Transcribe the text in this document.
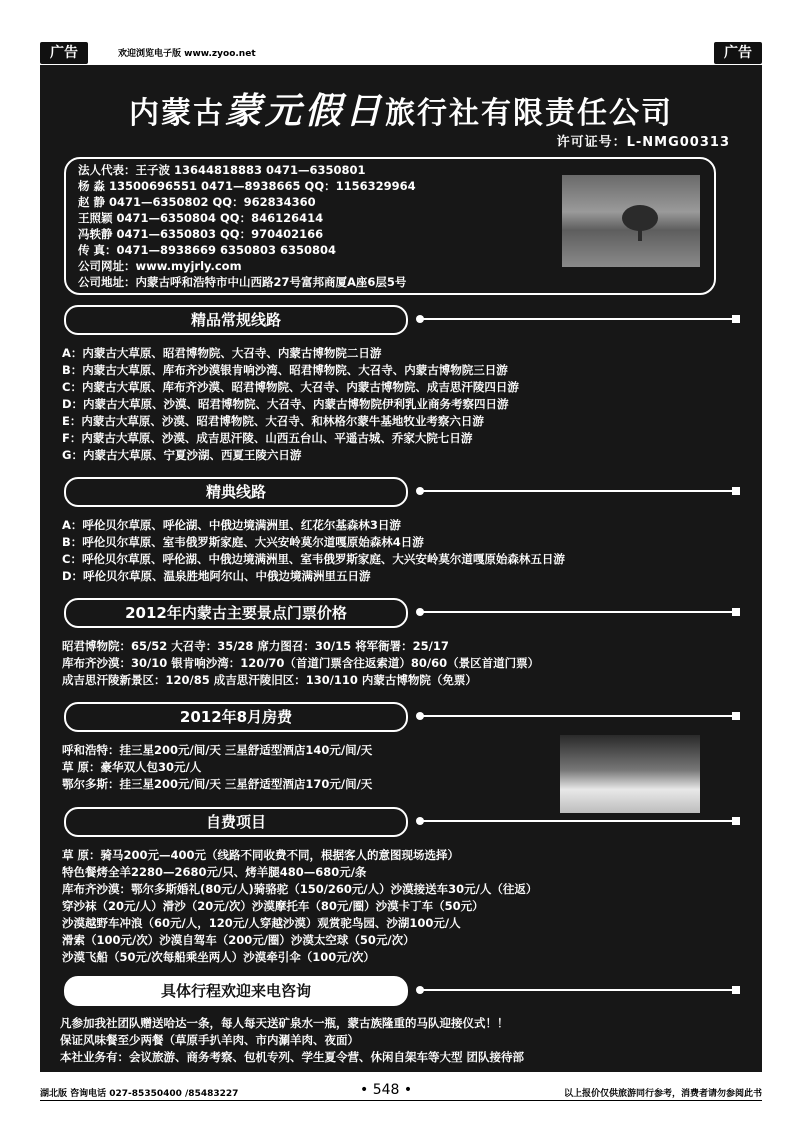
广告	欢迎浏览电子版 www.zyoo.net	广告
内蒙古蒙元假日旅行社有限责任公司
许可证号：L-NMG00313
法人代表：王子波 13644818883 0471—6350801
杨 淼 13500696551 0471—8938665 QQ：1156329964
赵 静 0471—6350802 QQ：962834360
王照颖 0471—6350804 QQ：846126414
冯轶静 0471—6350803 QQ：970402166
传 真：0471—8938669 6350803 6350804
公司网址：www.myjrly.com
公司地址：内蒙古呼和浩特市中山西路27号富邦商厦A座6层5号
精品常规线路
A：内蒙古大草原、昭君博物院、大召寺、内蒙古博物院二日游
B：内蒙古大草原、库布齐沙漠银肯响沙湾、昭君博物院、大召寺、内蒙古博物院三日游
C：内蒙古大草原、库布齐沙漠、昭君博物院、大召寺、内蒙古博物院、成吉思汗陵四日游
D：内蒙古大草原、沙漠、昭君博物院、大召寺、内蒙古博物院伊利乳业商务考察四日游
E：内蒙古大草原、沙漠、昭君博物院、大召寺、和林格尔蒙牛基地牧业考察六日游
F：内蒙古大草原、沙漠、成吉思汗陵、山西五台山、平遥古城、乔家大院七日游
G：内蒙古大草原、宁夏沙湖、西夏王陵六日游
精典线路
A：呼伦贝尔草原、呼伦湖、中俄边境满洲里、红花尔基森林3日游
B：呼伦贝尔草原、室韦俄罗斯家庭、大兴安岭莫尔道嘎原始森林4日游
C：呼伦贝尔草原、呼伦湖、中俄边境满洲里、室韦俄罗斯家庭、大兴安岭莫尔道嘎原始森林五日游
D：呼伦贝尔草原、温泉胜地阿尔山、中俄边境满洲里五日游
2012年内蒙古主要景点门票价格
昭君博物院：65/52 大召寺：35/28 席力图召：30/15 将军衙署：25/17
库布齐沙漠：30/10 银肯响沙湾：120/70（首道门票含往返索道）80/60（景区首道门票）
成吉思汗陵新景区：120/85 成吉思汗陵旧区：130/110 内蒙古博物院（免票）
2012年8月房费
呼和浩特：挂三星200元/间/天 三星舒适型酒店140元/间/天
草 原：豪华双人包30元/人
鄂尔多斯：挂三星200元/间/天 三星舒适型酒店170元/间/天
自费项目
草 原：骑马200元—400元（线路不同收费不同，根据客人的意图现场选择）
特色餐烤全羊2280—2680元/只、烤羊腿480—680元/条
库布齐沙漠：鄂尔多斯婚礼(80元/人)骑骆驼（150/260元/人）沙漠接送车30元/人（往返）
穿沙袜（20元/人）滑沙（20元/次）沙漠摩托车（80元/圈）沙漠卡丁车（50元）
沙漠越野车冲浪（60元/人，120元/人穿越沙漠）观赏驼鸟园、沙湖100元/人
滑索（100元/次）沙漠自驾车（200元/圈）沙漠太空球（50元/次）
沙漠飞船（50元/次每船乘坐两人）沙漠牵引伞（100元/次）
具体行程欢迎来电咨询
凡参加我社团队赠送哈达一条，每人每天送矿泉水一瓶，蒙古族隆重的马队迎接仪式！！
保证风味餐至少两餐（草原手扒羊肉、市内涮羊肉、夜面）
本社业务有：会议旅游、商务考察、包机专列、学生夏令营、休闲自架车等大型 团队接待部
湖北版 咨询电话 027-85350400 /85483227	• 548 •	以上报价仅供旅游同行参考，消费者请勿参阅此书
